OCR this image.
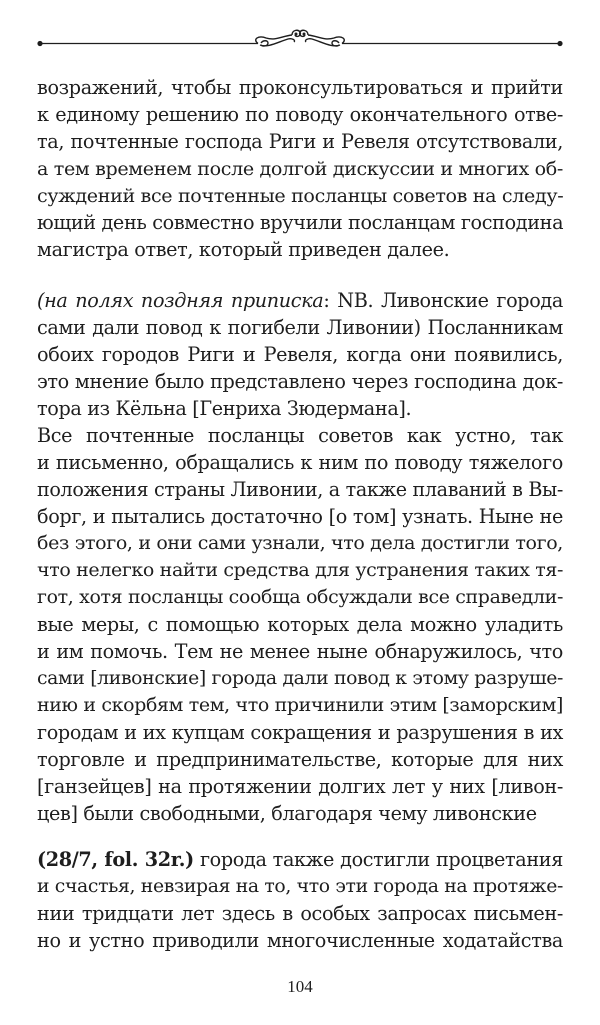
возражений, чтобы проконсультироваться и прийти
к единому решению по поводу окончательного отве-
та, почтенные господа Риги и Ревеля отсутствовали,
а тем временем после долгой дискуссии и многих об-
суждений все почтенные посланцы советов на следу-
ющий день совместно вручили посланцам господина
магистра ответ, который приведен далее.
(на полях поздняя приписка: NB. Ливонские города
сами дали повод к погибели Ливонии) Посланникам
обоих городов Риги и Ревеля, когда они появились,
это мнение было представлено через господина док-
тора из Кёльна [Генриха Зюдермана].
Все почтенные посланцы советов как устно, так
и письменно, обращались к ним по поводу тяжелого
положения страны Ливонии, а также плаваний в Вы-
борг, и пытались достаточно [о том] узнать. Ныне не
без этого, и они сами узнали, что дела достигли того,
что нелегко найти средства для устранения таких тя-
гот, хотя посланцы сообща обсуждали все справедли-
вые меры, с помощью которых дела можно уладить
и им помочь. Тем не менее ныне обнаружилось, что
сами [ливонские] города дали повод к этому разруше-
нию и скорбям тем, что причинили этим [заморским]
городам и их купцам сокращения и разрушения в их
торговле и предпринимательстве, которые для них
[ганзейцев] на протяжении долгих лет у них [ливон-
цев] были свободными, благодаря чему ливонские
(28/7, fol. 32r.) города также достигли процветания
и счастья, невзирая на то, что эти города на протяже-
нии тридцати лет здесь в особых запросах письмен-
но и устно приводили многочисленные ходатайства
104
